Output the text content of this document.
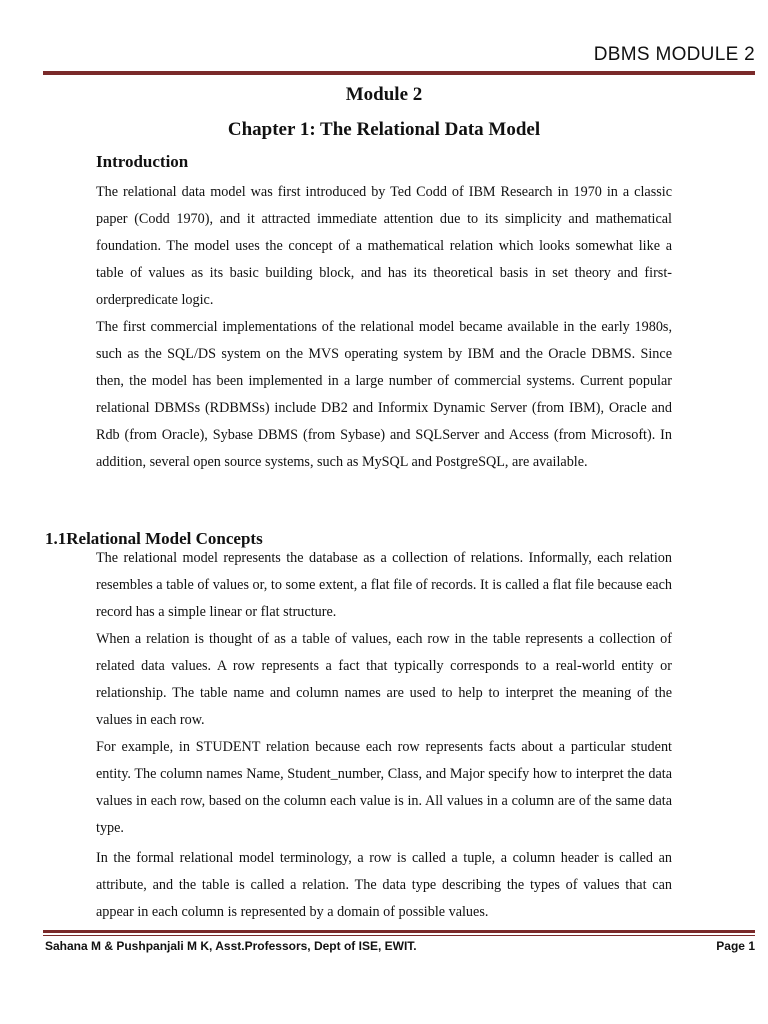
DBMS MODULE 2
Module 2
Chapter 1: The Relational Data Model
Introduction

The relational data model was first introduced by Ted Codd of IBM Research in 1970 in a classic paper (Codd 1970), and it attracted immediate attention due to its simplicity and mathematical foundation. The model uses the concept of a mathematical relation which looks somewhat like a table of values as its basic building block, and has its theoretical basis in set theory and first-orderpredicate logic.

The first commercial implementations of the relational model became available in the early 1980s, such as the SQL/DS system on the MVS operating system by IBM and the Oracle DBMS. Since then, the model has been implemented in a large number of commercial systems. Current popular relational DBMSs (RDBMSs) include DB2 and Informix Dynamic Server (from IBM), Oracle and Rdb (from Oracle), Sybase DBMS (from Sybase) and SQLServer and Access (from Microsoft). In addition, several open source systems, such as MySQL and PostgreSQL, are available.

1.1Relational Model Concepts

The relational model represents the database as a collection of relations. Informally, each relation resembles a table of values or, to some extent, a flat file of records. It is called a flat file because each record has a simple linear or flat structure.

When a relation is thought of as a table of values, each row in the table represents a collection of related data values. A row represents a fact that typically corresponds to a real-world entity or relationship. The table name and column names are used to help to interpret the meaning of the values in each row.

For example, in STUDENT relation because each row represents facts about a particular student entity. The column names Name, Student_number, Class, and Major specify how to interpret the data values in each row, based on the column each value is in. All values in a column are of the same data type.

In the formal relational model terminology, a row is called a tuple, a column header is called an attribute, and the table is called a relation. The data type describing the types of values that can appear in each column is represented by a domain of possible values.

Sahana M & Pushpanjali M K, Asst.Professors, Dept of ISE, EWIT.	Page 1
